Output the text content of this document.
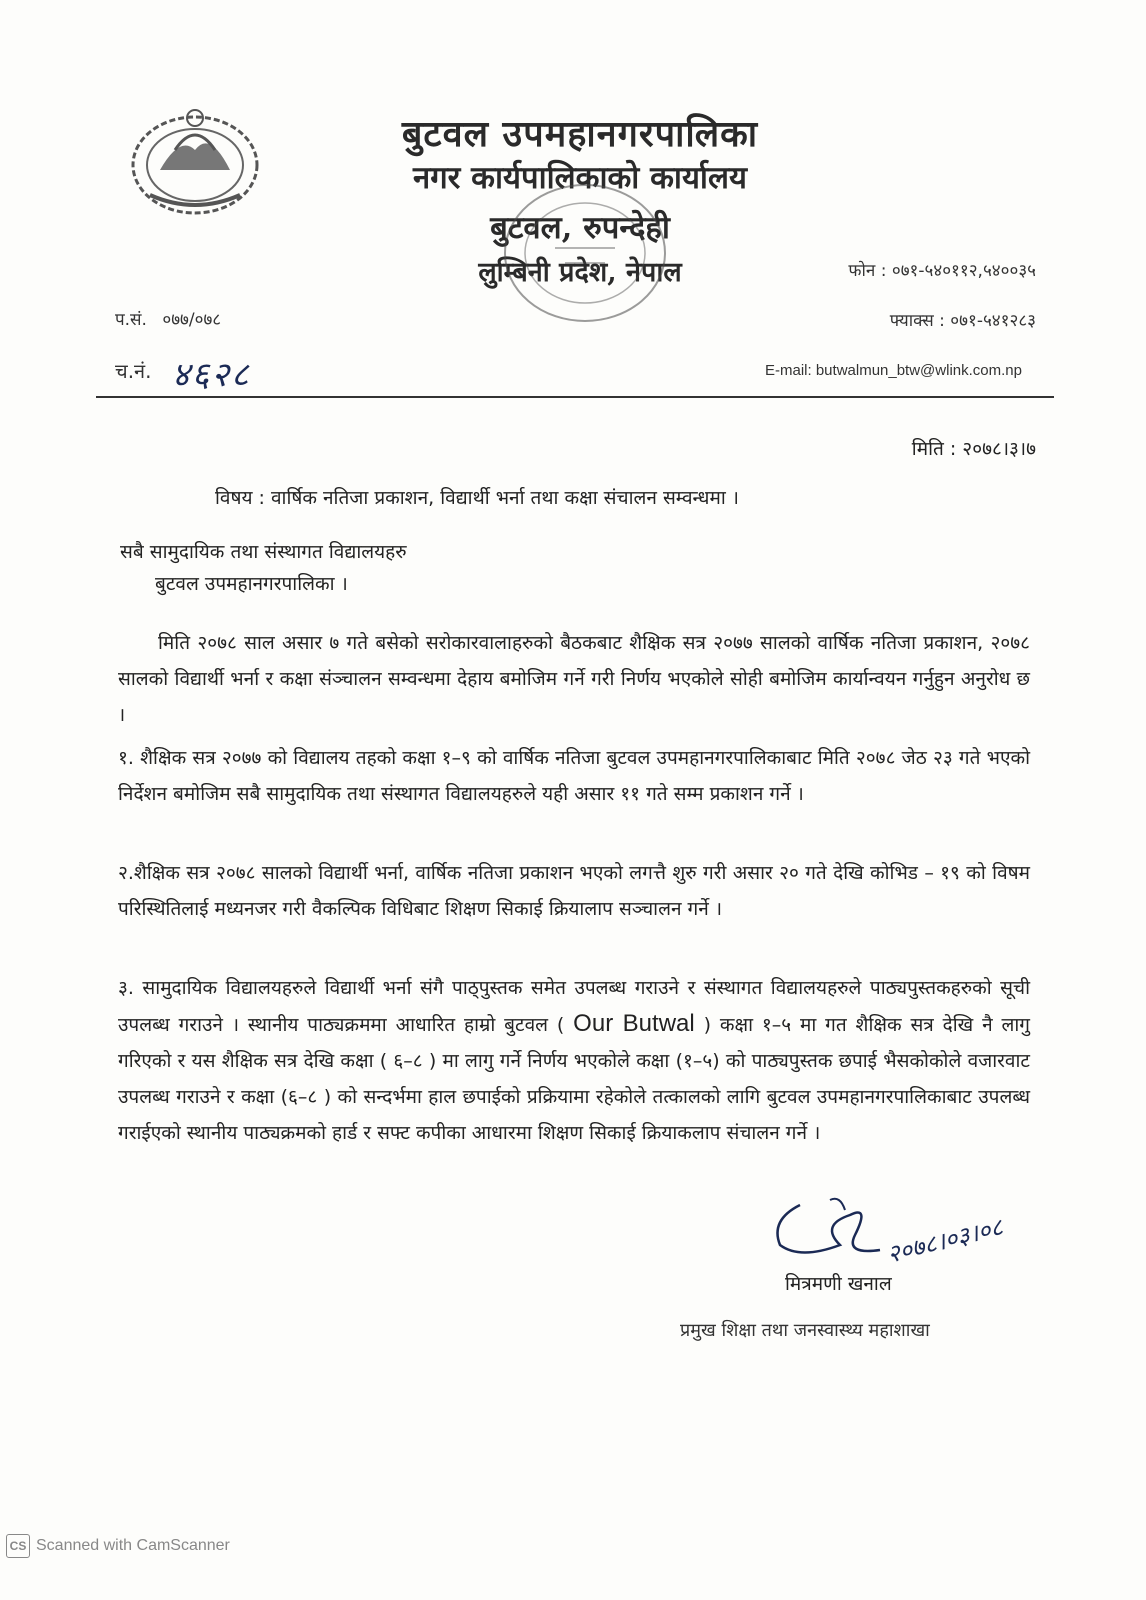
बुटवल उपमहानगरपालिका
नगर कार्यपालिकाको कार्यालय
बुटवल, रुपन्देही
लुम्बिनी प्रदेश, नेपाल
प.सं. ०७७/०७८
च.नं. ४६२८
फोन : ०७१-५४०११२,५४००३५
फ्याक्स : ०७१-५४१२८३
E-mail: butwalmun_btw@wlink.com.np
मिति : २०७८।३।७
विषय : वार्षिक नतिजा प्रकाशन, विद्यार्थी भर्ना तथा कक्षा संचालन सम्वन्धमा ।
सबै सामुदायिक तथा संस्थागत विद्यालयहरु
बुटवल उपमहानगरपालिका ।
मिति २०७८ साल असार ७ गते बसेको सरोकारवालाहरुको बैठकबाट शैक्षिक सत्र २०७७ सालको वार्षिक नतिजा प्रकाशन, २०७८ सालको विद्यार्थी भर्ना र कक्षा संञ्चालन सम्वन्धमा देहाय बमोजिम गर्ने गरी निर्णय भएकोले सोही बमोजिम कार्यान्वयन गर्नुहुन अनुरोध छ ।
१. शैक्षिक सत्र २०७७ को विद्यालय तहको कक्षा १–९ को वार्षिक नतिजा बुटवल उपमहानगरपालिकाबाट मिति २०७८ जेठ २३ गते भएको निर्देशन बमोजिम सबै सामुदायिक तथा संस्थागत विद्यालयहरुले यही असार ११ गते सम्म प्रकाशन गर्ने ।
२.शैक्षिक सत्र २०७८ सालको विद्यार्थी भर्ना, वार्षिक नतिजा प्रकाशन भएको लगत्तै शुरु गरी असार २० गते देखि कोभिड – १९ को विषम परिस्थितिलाई मध्यनजर गरी वैकल्पिक विधिबाट शिक्षण सिकाई क्रियालाप सञ्चालन गर्ने ।
३. सामुदायिक विद्यालयहरुले विद्यार्थी भर्ना संगै पाठ्पुस्तक समेत उपलब्ध गराउने र संस्थागत विद्यालयहरुले पाठ्यपुस्तकहरुको सूची उपलब्ध गराउने । स्थानीय पाठ्यक्रममा आधारित हाम्रो बुटवल ( Our Butwal ) कक्षा १–५ मा गत शैक्षिक सत्र देखि नै लागु गरिएको र यस शैक्षिक सत्र देखि कक्षा ( ६–८ ) मा लागु गर्ने निर्णय भएकोले कक्षा (१–५) को पाठ्यपुस्तक छपाई भैसकोकोले वजारवाट उपलब्ध गराउने र कक्षा (६–८ ) को सन्दर्भमा हाल छपाईको प्रक्रियामा रहेकोले तत्कालको लागि बुटवल उपमहानगरपालिकाबाट उपलब्ध गराईएको स्थानीय पाठ्यक्रमको हार्ड र सफ्ट कपीका आधारमा शिक्षण सिकाई क्रियाकलाप संचालन गर्ने ।
२०७८।०३।०८
मित्रमणी खनाल
प्रमुख शिक्षा तथा जनस्वास्थ्य महाशाखा
CS Scanned with CamScanner
